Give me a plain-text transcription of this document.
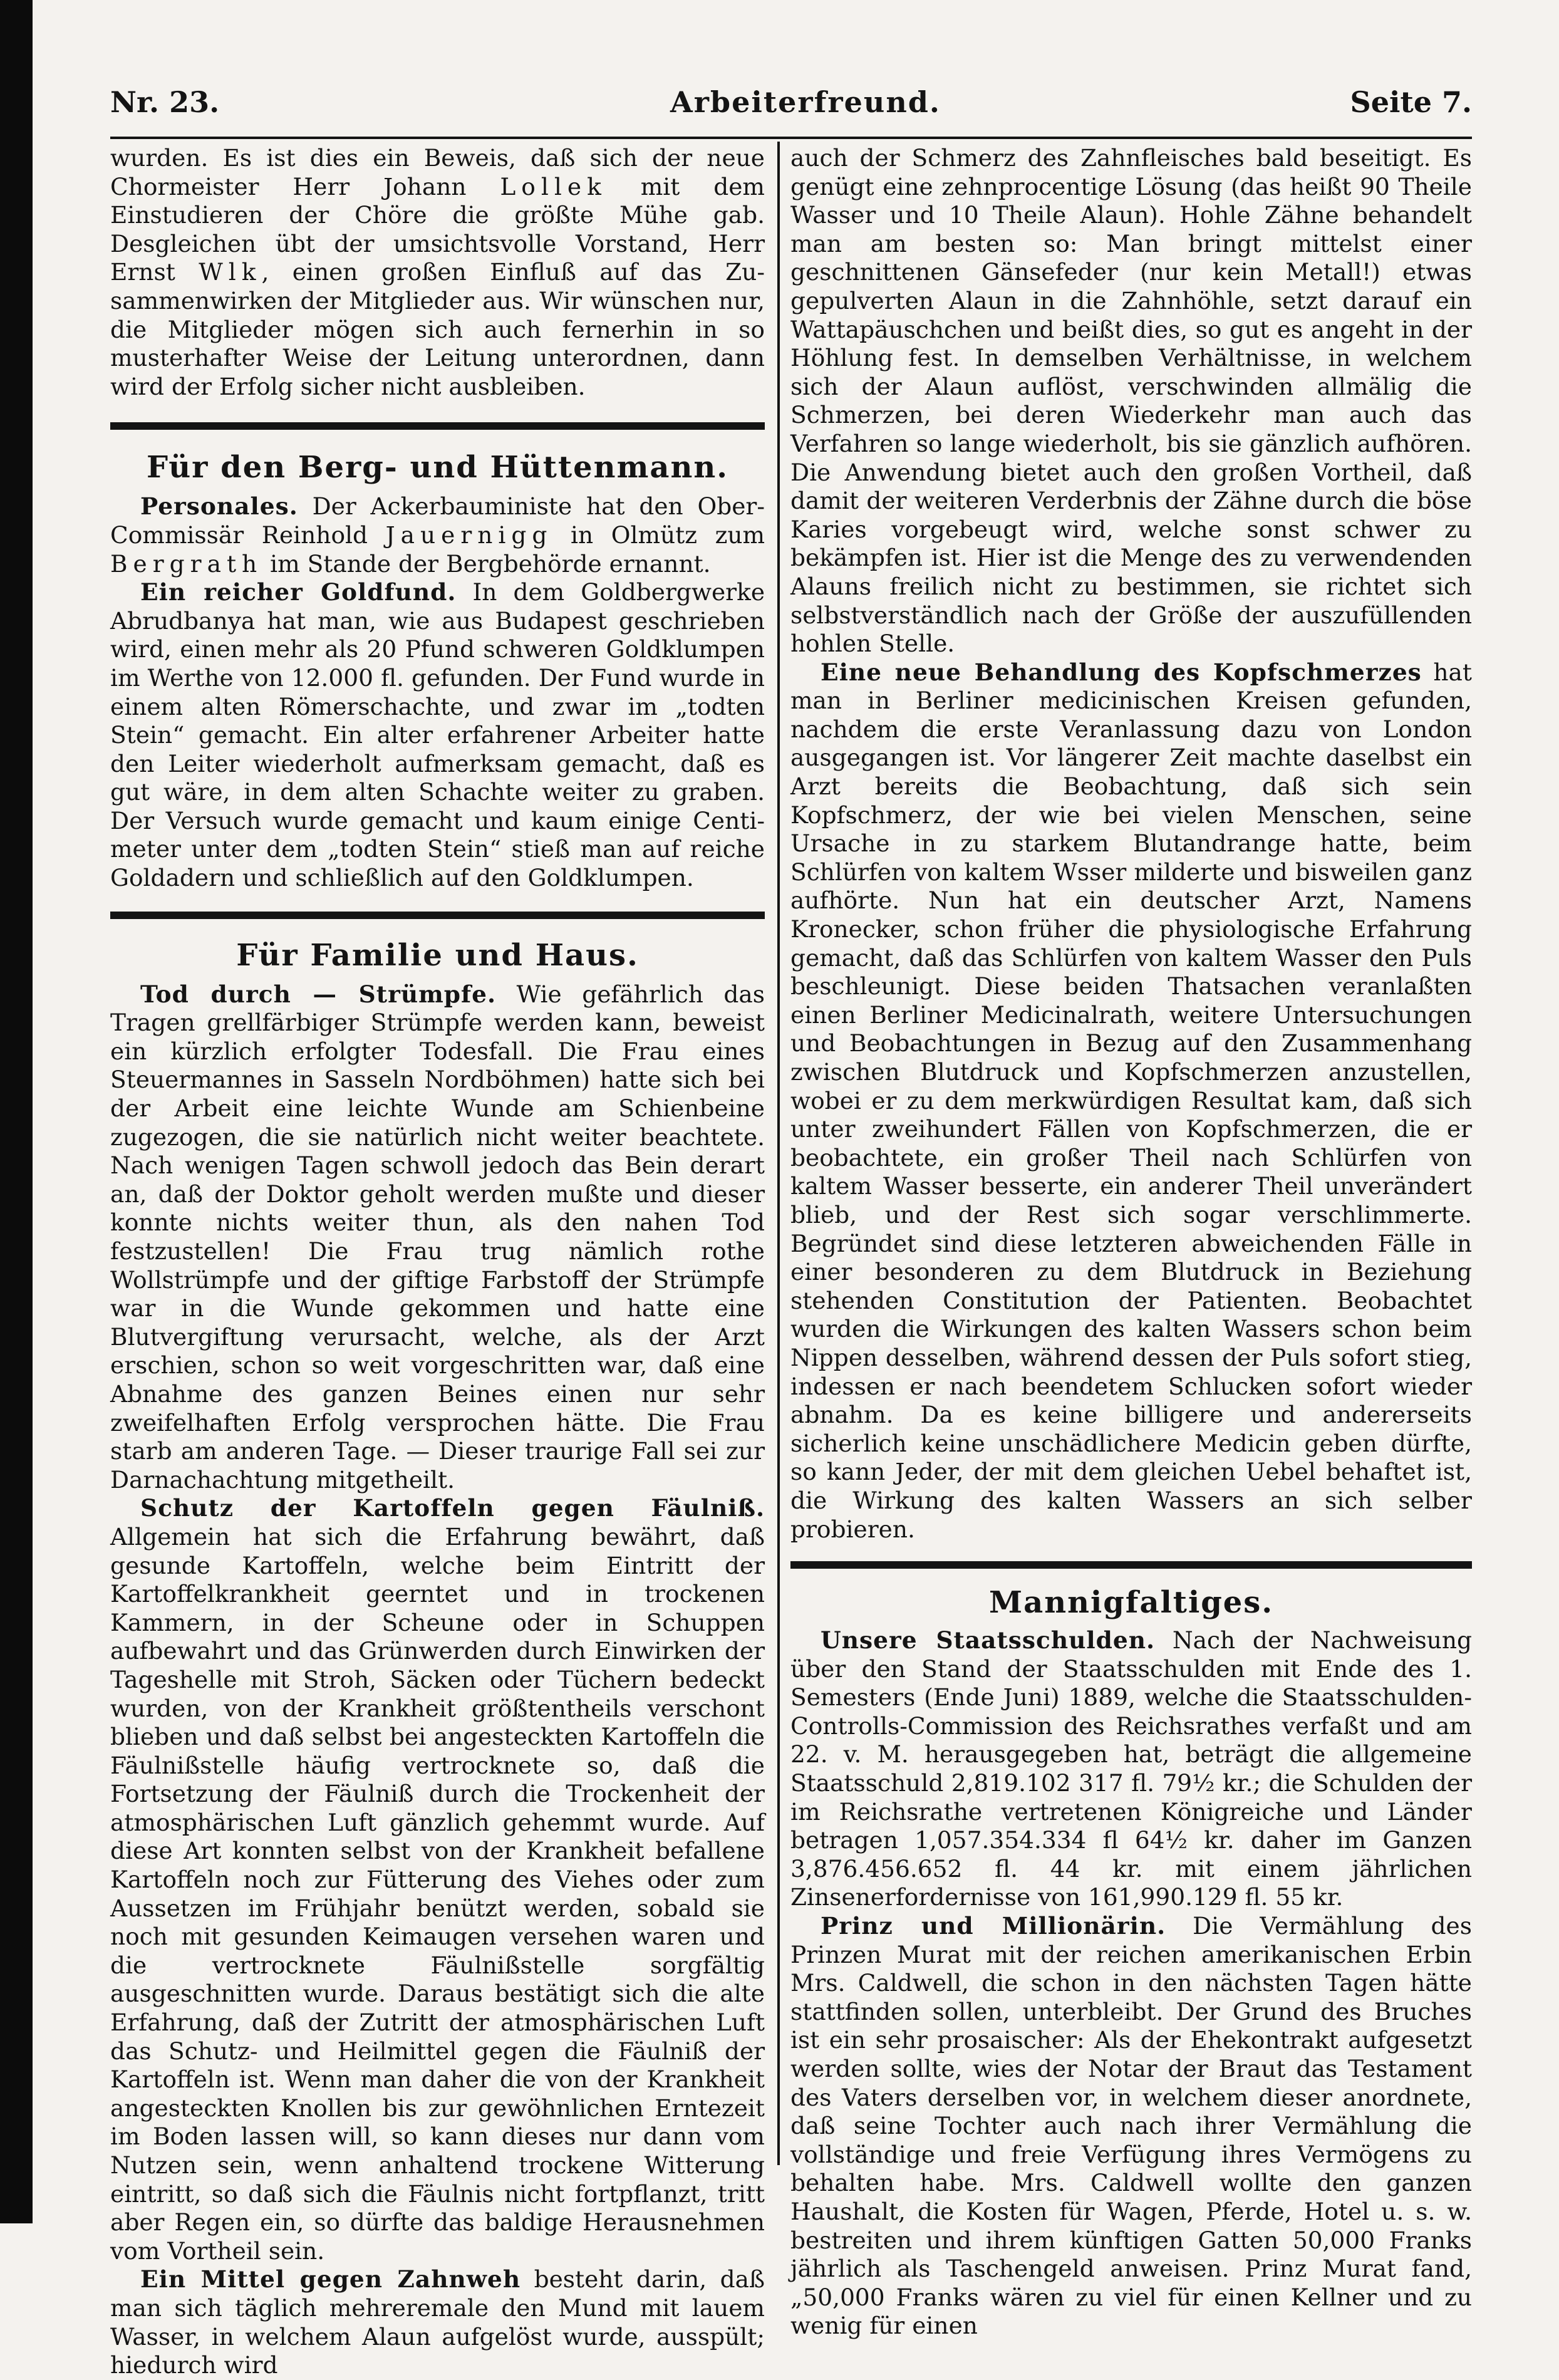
Nr. 23.	Arbeiterfreund.	Seite 7.

wurden. Es ist dies ein Beweis, daß sich der neue Chormeister Herr Johann Lollek mit dem Einstudieren der Chöre die größte Mühe gab. Desgleichen übt der umsichtsvolle Vorstand, Herr Ernst Wlk, einen großen Einfluß auf das Zusammenwirken der Mitglieder aus. Wir wünschen nur, die Mitglieder mögen sich auch fernerhin in so musterhafter Weise der Leitung unterordnen, dann wird der Erfolg sicher nicht ausbleiben.

Für den Berg- und Hüttenmann.

Personales. Der Ackerbauministe hat den Ober-Commissär Reinhold Jauernigg in Olmütz zum Bergrath im Stande der Bergbehörde ernannt.

Ein reicher Goldfund. In dem Goldbergwerke Abrudbanya hat man, wie aus Budapest geschrieben wird, einen mehr als 20 Pfund schweren Goldklumpen im Werthe von 12.000 fl. gefunden. Der Fund wurde in einem alten Römerschachte, und zwar im „todten Stein“ gemacht. Ein alter erfahrener Arbeiter hatte den Leiter wiederholt aufmerksam gemacht, daß es gut wäre, in dem alten Schachte weiter zu graben. Der Versuch wurde gemacht und kaum einige Centimeter unter dem „todten Stein“ stieß man auf reiche Goldadern und schließlich auf den Goldklumpen.

Für Familie und Haus.

Tod durch — Strümpfe. Wie gefährlich das Tragen grellfärbiger Strümpfe werden kann, beweist ein kürzlich erfolgter Todesfall. Die Frau eines Steuermannes in Sasseln Nordböhmen) hatte sich bei der Arbeit eine leichte Wunde am Schienbeine zugezogen, die sie natürlich nicht weiter beachtete. Nach wenigen Tagen schwoll jedoch das Bein derart an, daß der Doktor geholt werden mußte und dieser konnte nichts weiter thun, als den nahen Tod festzustellen! Die Frau trug nämlich rothe Wollstrümpfe und der giftige Farbstoff der Strümpfe war in die Wunde gekommen und hatte eine Blutvergiftung verursacht, welche, als der Arzt erschien, schon so weit vorgeschritten war, daß eine Abnahme des ganzen Beines einen nur sehr zweifelhaften Erfolg versprochen hätte. Die Frau starb am anderen Tage. — Dieser traurige Fall sei zur Darnachachtung mitgetheilt.

Schutz der Kartoffeln gegen Fäulniß. Allgemein hat sich die Erfahrung bewährt, daß gesunde Kartoffeln, welche beim Eintritt der Kartoffelkrankheit geerntet und in trockenen Kammern, in der Scheune oder in Schuppen aufbewahrt und das Grünwerden durch Einwirken der Tageshelle mit Stroh, Säcken oder Tüchern bedeckt wurden, von der Krankheit größtentheils verschont blieben und daß selbst bei angesteckten Kartoffeln die Fäulnißstelle häufig vertrocknete so, daß die Fortsetzung der Fäulniß durch die Trockenheit der atmosphärischen Luft gänzlich gehemmt wurde. Auf diese Art konnten selbst von der Krankheit befallene Kartoffeln noch zur Fütterung des Viehes oder zum Aussetzen im Frühjahr benützt werden, sobald sie noch mit gesunden Keimaugen versehen waren und die vertrocknete Fäulnißstelle sorgfältig ausgeschnitten wurde. Daraus bestätigt sich die alte Erfahrung, daß der Zutritt der atmosphärischen Luft das Schutz- und Heilmittel gegen die Fäulniß der Kartoffeln ist. Wenn man daher die von der Krankheit angesteckten Knollen bis zur gewöhnlichen Erntezeit im Boden lassen will, so kann dieses nur dann vom Nutzen sein, wenn anhaltend trockene Witterung eintritt, so daß sich die Fäulnis nicht fortpflanzt, tritt aber Regen ein, so dürfte das baldige Herausnehmen vom Vortheil sein.

Ein Mittel gegen Zahnweh besteht darin, daß man sich täglich mehreremale den Mund mit lauem Wasser, in welchem Alaun aufgelöst wurde, ausspült; hiedurch wird

auch der Schmerz des Zahnfleisches bald beseitigt. Es genügt eine zehnprocentige Lösung (das heißt 90 Theile Wasser und 10 Theile Alaun). Hohle Zähne behandelt man am besten so: Man bringt mittelst einer geschnittenen Gänsefeder (nur kein Metall!) etwas gepulverten Alaun in die Zahnhöhle, setzt darauf ein Wattapäuschchen und beißt dies, so gut es angeht in der Höhlung fest. In demselben Verhältnisse, in welchem sich der Alaun auflöst, verschwinden allmälig die Schmerzen, bei deren Wiederkehr man auch das Verfahren so lange wiederholt, bis sie gänzlich aufhören. Die Anwendung bietet auch den großen Vortheil, daß damit der weiteren Verderbnis der Zähne durch die böse Karies vorgebeugt wird, welche sonst schwer zu bekämpfen ist. Hier ist die Menge des zu verwendenden Alauns freilich nicht zu bestimmen, sie richtet sich selbstverständlich nach der Größe der auszufüllenden hohlen Stelle.

Eine neue Behandlung des Kopfschmerzes hat man in Berliner medicinischen Kreisen gefunden, nachdem die erste Veranlassung dazu von London ausgegangen ist. Vor längerer Zeit machte daselbst ein Arzt bereits die Beobachtung, daß sich sein Kopfschmerz, der wie bei vielen Menschen, seine Ursache in zu starkem Blutandrange hatte, beim Schlürfen von kaltem Wsser milderte und bisweilen ganz aufhörte. Nun hat ein deutscher Arzt, Namens Kronecker, schon früher die physiologische Erfahrung gemacht, daß das Schlürfen von kaltem Wasser den Puls beschleunigt. Diese beiden Thatsachen veranlaßten einen Berliner Medicinalrath, weitere Untersuchungen und Beobachtungen in Bezug auf den Zusammenhang zwischen Blutdruck und Kopfschmerzen anzustellen, wobei er zu dem merkwürdigen Resultat kam, daß sich unter zweihundert Fällen von Kopfschmerzen, die er beobachtete, ein großer Theil nach Schlürfen von kaltem Wasser besserte, ein anderer Theil unverändert blieb, und der Rest sich sogar verschlimmerte. Begründet sind diese letzteren abweichenden Fälle in einer besonderen zu dem Blutdruck in Beziehung stehenden Constitution der Patienten. Beobachtet wurden die Wirkungen des kalten Wassers schon beim Nippen desselben, während dessen der Puls sofort stieg, indessen er nach beendetem Schlucken sofort wieder abnahm. Da es keine billigere und andererseits sicherlich keine unschädlichere Medicin geben dürfte, so kann Jeder, der mit dem gleichen Uebel behaftet ist, die Wirkung des kalten Wassers an sich selber probieren.

Mannigfaltiges.

Unsere Staatsschulden. Nach der Nachweisung über den Stand der Staatsschulden mit Ende des 1. Semesters (Ende Juni) 1889, welche die Staatsschulden-Controlls-Commission des Reichsrathes verfaßt und am 22. v. M. herausgegeben hat, beträgt die allgemeine Staatsschuld 2,819.102 317 fl. 79½ kr.; die Schulden der im Reichsrathe vertretenen Königreiche und Länder betragen 1,057.354.334 fl 64½ kr. daher im Ganzen 3,876.456.652 fl. 44 kr. mit einem jährlichen Zinsenerfordernisse von 161,990.129 fl. 55 kr.

Prinz und Millionärin. Die Vermählung des Prinzen Murat mit der reichen amerikanischen Erbin Mrs. Caldwell, die schon in den nächsten Tagen hätte stattfinden sollen, unterbleibt. Der Grund des Bruches ist ein sehr prosaischer: Als der Ehekontrakt aufgesetzt werden sollte, wies der Notar der Braut das Testament des Vaters derselben vor, in welchem dieser anordnete, daß seine Tochter auch nach ihrer Vermählung die vollständige und freie Verfügung ihres Vermögens zu behalten habe. Mrs. Caldwell wollte den ganzen Haushalt, die Kosten für Wagen, Pferde, Hotel u. s. w. bestreiten und ihrem künftigen Gatten 50,000 Franks jährlich als Taschengeld anweisen. Prinz Murat fand, „50,000 Franks wären zu viel für einen Kellner und zu wenig für einen
